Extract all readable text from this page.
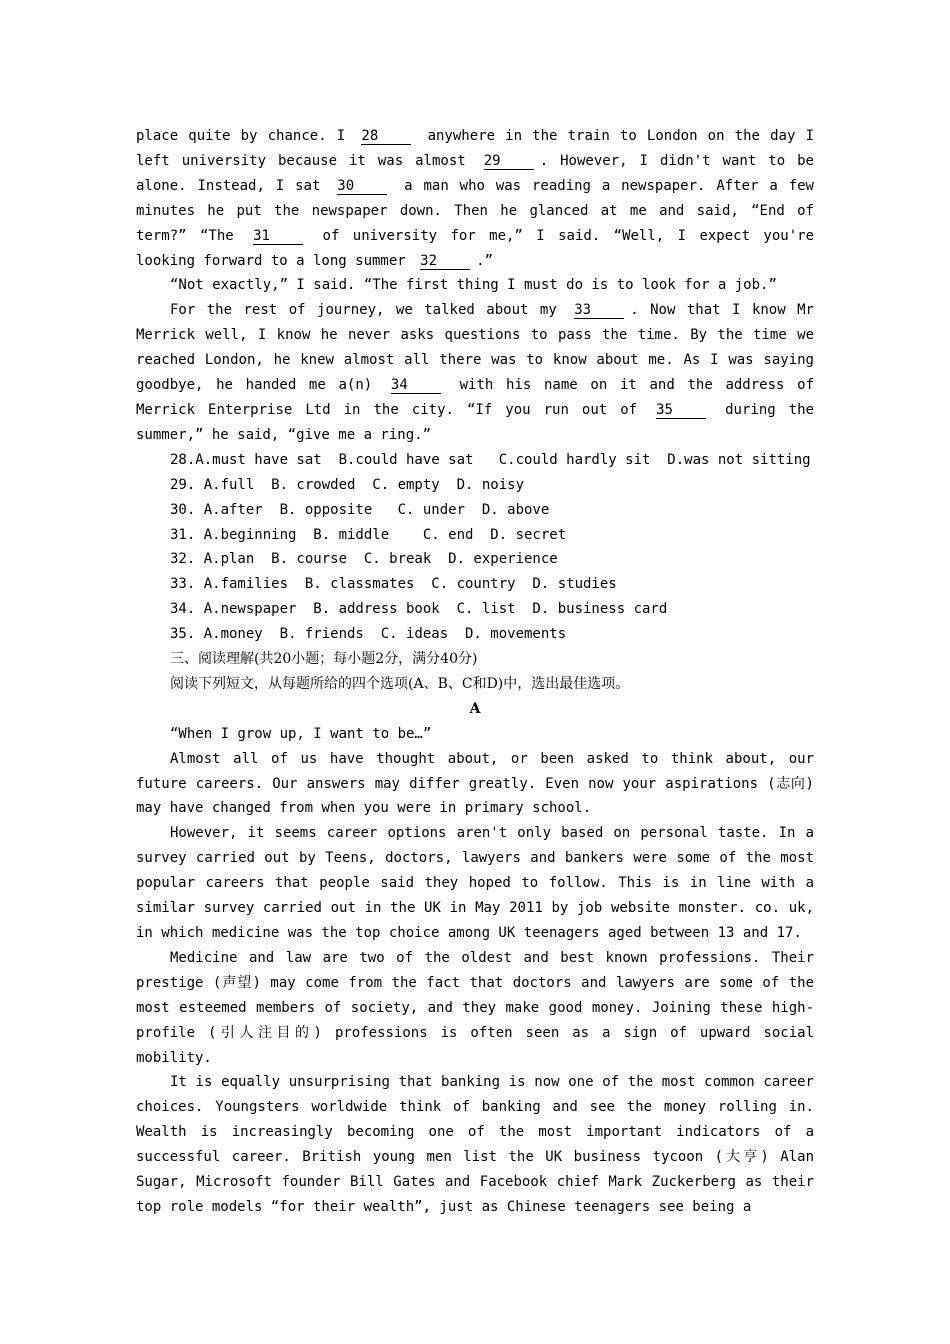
place quite by chance. I 28	anywhere in the train to London on the day I left university because it was almost 29	. However, I didn't want to be alone. Instead, I sat 30	a man who was reading a newspaper. After a few minutes he put the newspaper down. Then he glanced at me and said, “End of term?” “The 31	of university for me,” I said. “Well, I expect you're looking forward to a long summer 32	.”

“Not exactly,” I said. “The first thing I must do is to look for a job.”

For the rest of journey, we talked about my 33	. Now that I know Mr Merrick well, I know he never asks questions to pass the time. By the time we reached London, he knew almost all there was to know about me. As I was saying goodbye, he handed me a(n) 34	with his name on it and the address of Merrick Enterprise Ltd in the city. “If you run out of 35	during the summer,” he said, “give me a ring.”

28.A.must have sat  B.could have sat   C.could hardly sit  D.was not sitting

29. A.full  B. crowded  C. empty  D. noisy

30. A.after  B. opposite   C. under  D. above

31. A.beginning  B. middle    C. end  D. secret

32. A.plan  B. course  C. break  D. experience

33. A.families  B. classmates  C. country  D. studies

34. A.newspaper  B. address book  C. list  D. business card

35. A.money  B. friends  C. ideas  D. movements

三、阅读理解(共20小题；每小题2分，满分40分)

阅读下列短文，从每题所给的四个选项(A、B、C和D)中，选出最佳选项。

A

“When I grow up, I want to be…”

Almost all of us have thought about, or been asked to think about, our future careers. Our answers may differ greatly. Even now your aspirations (志向) may have changed from when you were in primary school.

However, it seems career options aren't only based on personal taste. In a survey carried out by Teens, doctors, lawyers and bankers were some of the most popular careers that people said they hoped to follow. This is in line with a similar survey carried out in the UK in May 2011 by job website monster. co. uk, in which medicine was the top choice among UK teenagers aged between 13 and 17.

Medicine and law are two of the oldest and best known professions. Their prestige (声望) may come from the fact that doctors and lawyers are some of the most esteemed members of society, and they make good money. Joining these high-profile (引人注目的) professions is often seen as a sign of upward social mobility.

It is equally unsurprising that banking is now one of the most common career choices. Youngsters worldwide think of banking and see the money rolling in. Wealth is increasingly becoming one of the most important indicators of a successful career. British young men list the UK business tycoon (大亨) Alan Sugar, Microsoft founder Bill Gates and Facebook chief Mark Zuckerberg as their top role models “for their wealth”, just as Chinese teenagers see being a
